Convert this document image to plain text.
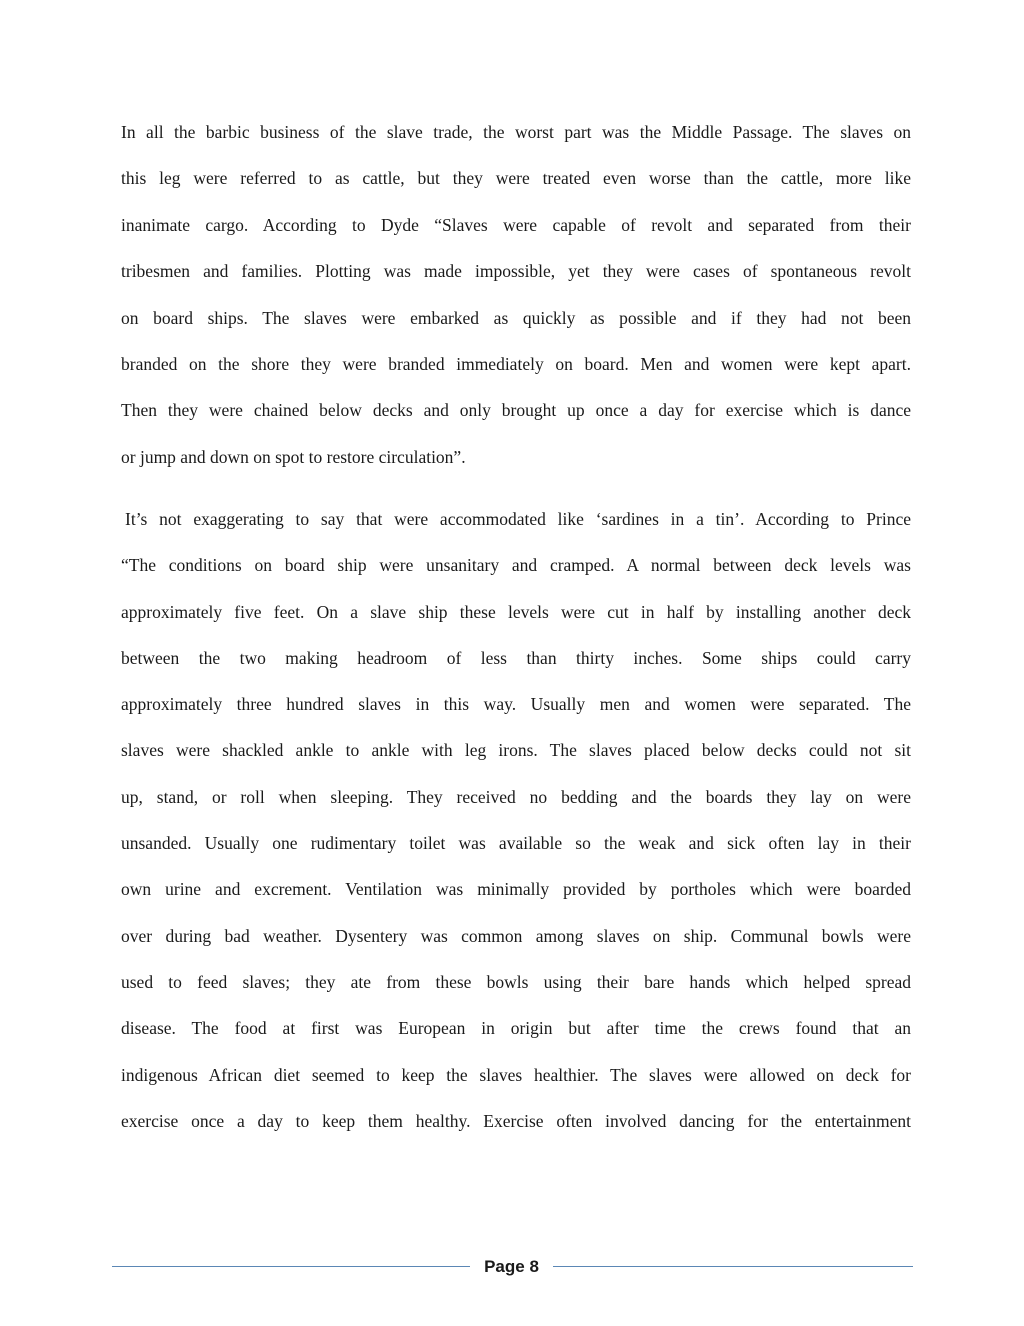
In all the barbic business of the slave trade, the worst part was the Middle Passage. The slaves on
this leg were referred to as cattle, but they were treated even worse than the cattle, more like
inanimate cargo. According to Dyde “Slaves were capable of revolt and separated from their
tribesmen and families. Plotting was made impossible, yet they were cases of spontaneous revolt
on board ships. The slaves were embarked as quickly as possible and if they had not been
branded on the shore they were branded immediately on board. Men and women were kept apart.
Then they were chained below decks and only brought up once a day for exercise which is dance
or jump and down on spot to restore circulation”.
It’s not exaggerating to say that were accommodated like ‘sardines in a tin’. According to Prince
“The conditions on board ship were unsanitary and cramped. A normal between deck levels was
approximately five feet. On a slave ship these levels were cut in half by installing another deck
between the two making headroom of less than thirty inches. Some ships could carry
approximately three hundred slaves in this way. Usually men and women were separated. The
slaves were shackled ankle to ankle with leg irons. The slaves placed below decks could not sit
up, stand, or roll when sleeping. They received no bedding and the boards they lay on were
unsanded. Usually one rudimentary toilet was available so the weak and sick often lay in their
own urine and excrement. Ventilation was minimally provided by portholes which were boarded
over during bad weather. Dysentery was common among slaves on ship. Communal bowls were
used to feed slaves; they ate from these bowls using their bare hands which helped spread
disease. The food at first was European in origin but after time the crews found that an
indigenous African diet seemed to keep the slaves healthier. The slaves were allowed on deck for
exercise once a day to keep them healthy. Exercise often involved dancing for the entertainment
Page 8
